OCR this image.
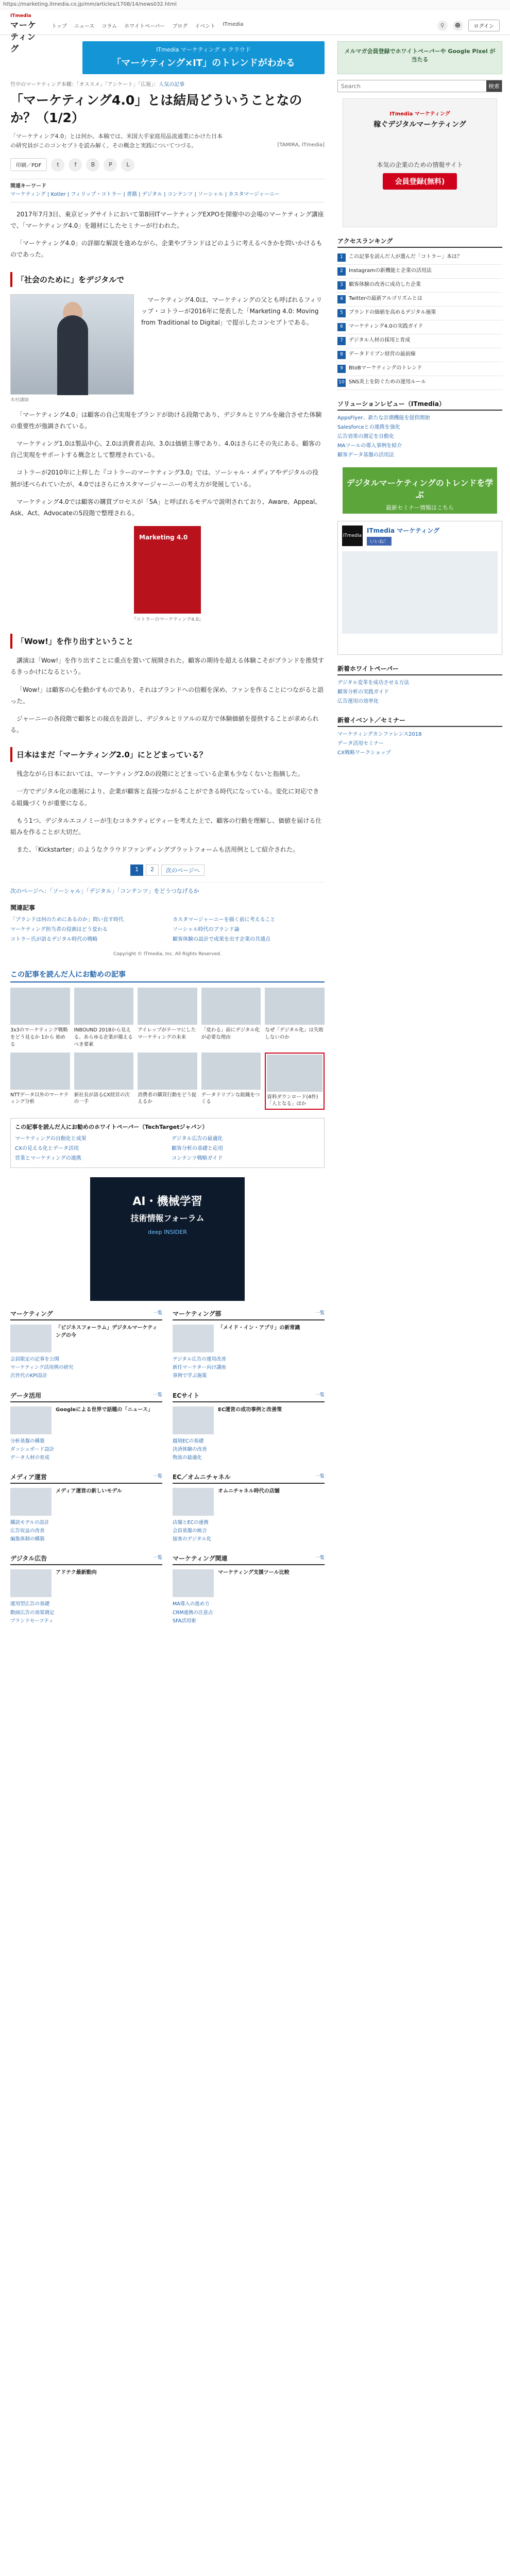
https://marketing.itmedia.co.jp/mm/articles/1708/14/news032.html
ITmedia
マーケティング
トップ ニュース コラム ホワイトペーパー ブログ イベント ITmedia	⚲	☻	ログイン
ITmedia マーケティング × クラウド
「マーケティング×IT」のトレンドがわかる
メルマガ会員登録でホワイトペーパーや Google Pixel が当たる
竹中のマーケティング本棚：「オススメ」「アンケート」「広報」：人気の記事
「マーケティング4.0」とは結局どういうことなのか？（1/2）

「マーケティング4.0」とは何か。本稿では、米国大手家庭用品流通業にかけた日本の研究員がこのコンセプトを読み解く、その概念と実践についてつづる。	[TAMIRA, ITmedia]
印刷／PDF	t	f	B	P	L
関連キーワード
マーケティング | Kotler | フィリップ・コトラー | 書籍 | デジタル | コンテンツ | ソーシャル | カスタマージャーニー

2017年7月3日、東京ビッグサイトにおいて第8回ITマーケティングEXPOを開催中の会場のマーケティング講座で、「マーケティング4.0」を題材にしたセミナーが行われた。

「マーケティング4.0」の詳細な解説を進めながら、企業やブランドはどのように考えるべきかを問いかけるものであった。

「社会のために」をデジタルで
木村講師

マーケティング4.0は、マーケティングの父とも呼ばれるフィリップ・コトラーが2016年に発表した「Marketing 4.0: Moving from Traditional to Digital」で提示したコンセプトである。

「マーケティング4.0」は顧客の自己実現をブランドが助ける段階であり、デジタルとリアルを融合させた体験の重要性が強調されている。

マーケティング1.0は製品中心、2.0は消費者志向、3.0は価値主導であり、4.0はさらにその先にある。顧客の自己実現をサポートする概念として整理されている。

コトラーが2010年に上梓した『コトラーのマーケティング3.0』では、ソーシャル・メディアやデジタルの役割が述べられていたが、4.0ではさらにカスタマージャーニーの考え方が発展している。

マーケティング4.0では顧客の購買プロセスが「5A」と呼ばれるモデルで説明されており、Aware、Appeal、Ask、Act、Advocateの5段階で整理される。

Marketing 4.0
『コトラーのマーケティング4.0』
「Wow!」を作り出すということ

講演は「Wow!」を作り出すことに重点を置いて展開された。顧客の期待を超える体験こそがブランドを推奨するきっかけになるという。

「Wow!」は顧客の心を動かすものであり、それはブランドへの信頼を深め、ファンを作ることにつながると語った。

ジャーニーの各段階で顧客との接点を設計し、デジタルとリアルの双方で体験価値を提供することが求められる。

日本はまだ「マーケティング2.0」にとどまっている？

残念ながら日本においては、マーケティング2.0の段階にとどまっている企業も少なくないと指摘した。

一方でデジタル化の進展により、企業が顧客と直接つながることができる時代になっている。変化に対応できる組織づくりが重要になる。

もう1つ、デジタルエコノミーが生むコネクティビティーを考えた上で、顧客の行動を理解し、価値を届ける仕組みを作ることが大切だ。

また、「Kickstarter」のようなクラウドファンディングプラットフォームも活用例として紹介された。

1	2	次のページへ
次のページへ：「ソーシャル」「デジタル」「コンテンツ」をどうつなげるか
関連記事
「ブランドは何のためにあるのか」問い直す時代
マーケティング担当者の役割はどう変わる
コトラー氏が語るデジタル時代の戦略
カスタマージャーニーを描く前に考えること
ソーシャル時代のブランド論
顧客体験の設計で成果を出す企業の共通点
Copyright © ITmedia, Inc. All Rights Reserved.
この記事を読んだ人にお勧めの記事
3x3のマーケティング戦略をどう見るか 1から 始める
INBOUND 2018から見える、あらゆる企業が備えるべき要素
アイレップがテーマにしたマーケティングの未来
「変わる」前にデジタル化が必要な理由
なぜ「デジタル化」は失敗しないのか
NTTデータ以外のマーケティング分析
新社長が語るCX経営の次の一手
消費者の購買行動をどう捉えるか
データドリブンな組織をつくる
資料ダウンロード(4件)「人となる」ほか
この記事を読んだ人にお勧めのホワイトペーパー（TechTargetジャパン）
マーケティングの自動化と成果
CXの見える化とデータ活用
営業とマーケティングの連携
デジタル広告の最適化
顧客分析の基礎と応用
コンテンツ戦略ガイド
AI・機械学習
技術情報フォーラム
deep INSIDER
マーケティング	一覧
「ビジネスフォーラム」デジタルマーケティングの今
会員限定の記事を公開
マーケティング活用例の研究
次世代のKPI設計
マーケティング部	一覧
「メイド・イン・アプリ」の新常識
デジタル広告の運用改善
新任マーケター向け講座
事例で学ぶ施策
データ活用	一覧
Googleによる世界で話題の「ニュース」
分析基盤の構築
ダッシュボード設計
データ人材の育成
ECサイト	一覧
EC運営の成功事例と改善策
越境ECの基礎
決済体験の改善
物流の最適化
メディア運営	一覧
メディア運営の新しいモデル
購読モデルの設計
広告収益の改善
編集体制の構築
EC／オムニチャネル	一覧
オムニチャネル時代の店舗
店舗とECの連携
会員基盤の統合
接客のデジタル化
デジタル広告	一覧
アドテク最新動向
運用型広告の基礎
動画広告の効果測定
ブランドセーフティ
マーケティング関連	一覧
マーケティング支援ツール比較
MA導入の進め方
CRM連携の注意点
SFA活用術
Search
検索
ITmedia マーケティング
稼ぐデジタルマーケティング
本気の企業のための情報サイト
会員登録(無料)
アクセスランキング
1	この記事を読んだ人が選んだ「コトラー」本は？
2	Instagramの新機能と企業の活用法
3	顧客体験の改善に成功した企業
4	Twitterの最新アルゴリズムとは
5	ブランドの価値を高めるデジタル施策
6	マーケティング4.0の実践ガイド
7	デジタル人材の採用と育成
8	データドリブン経営の最前線
9	BtoBマーケティングのトレンド
10 SNS炎上を防ぐための運用ルール
ソリューションレビュー（ITmedia）
AppsFlyer、新たな計測機能を提供開始
Salesforceとの連携を強化
広告効果の測定を自動化
MAツールの導入事例を紹介
顧客データ基盤の活用法
デジタルマーケティングのトレンドを学ぶ
最新セミナー情報はこちら
ITmedia
ITmedia マーケティング
いいね！
新着ホワイトペーパー
デジタル変革を成功させる方法
顧客分析の実践ガイド
広告運用の効率化
新着イベント／セミナー
マーケティングカンファレンス2018
データ活用セミナー
CX戦略ワークショップ
